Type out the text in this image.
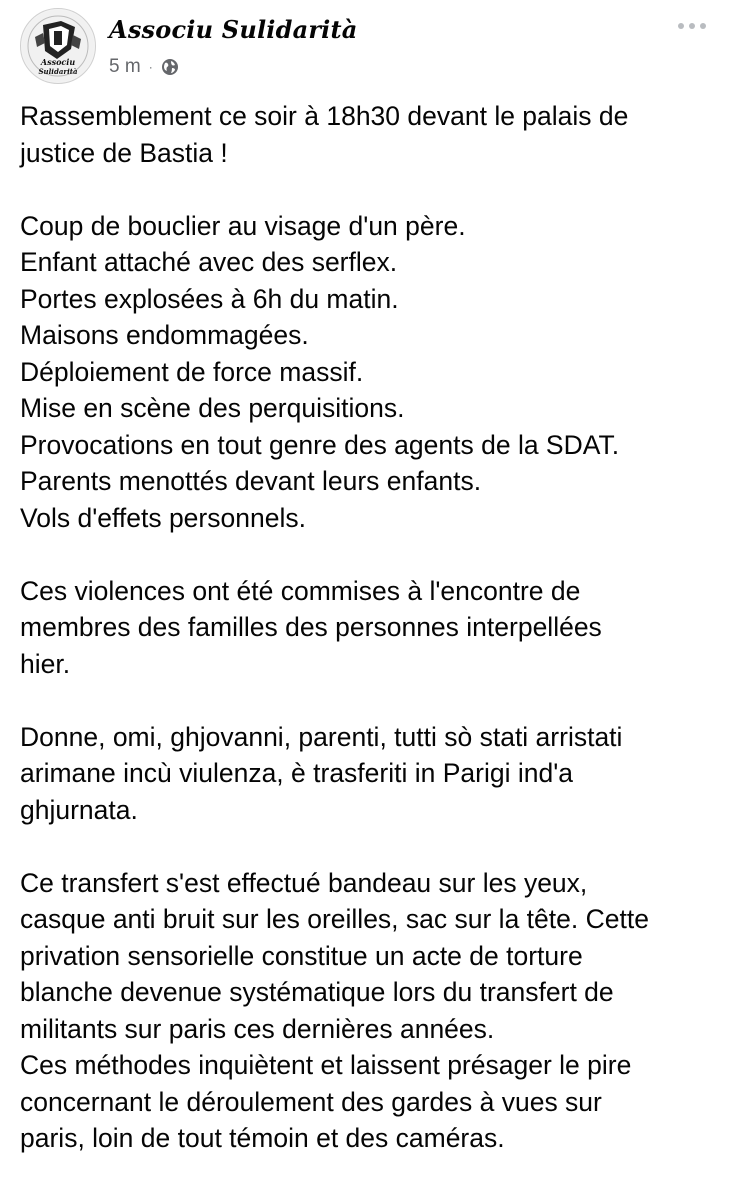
Associu
Sulidarità
Associu Sulidarità
5 m ·

Rassemblement ce soir à 18h30 devant le palais de

justice de Bastia !

Coup de bouclier au visage d'un père.

Enfant attaché avec des serflex.

Portes explosées à 6h du matin.

Maisons endommagées.

Déploiement de force massif.

Mise en scène des perquisitions.

Provocations en tout genre des agents de la SDAT.

Parents menottés devant leurs enfants.

Vols d'effets personnels.

Ces violences ont été commises à l'encontre de

membres des familles des personnes interpellées

hier.

Donne, omi, ghjovanni, parenti, tutti sò stati arristati

arimane incù viulenza, è trasferiti in Parigi ind'a

ghjurnata.

Ce transfert s'est effectué bandeau sur les yeux,

casque anti bruit sur les oreilles, sac sur la tête. Cette

privation sensorielle constitue un acte de torture

blanche devenue systématique lors du transfert de

militants sur paris ces dernières années.

Ces méthodes inquiètent et laissent présager le pire

concernant le déroulement des gardes à vues sur

paris, loin de tout témoin et des caméras.
